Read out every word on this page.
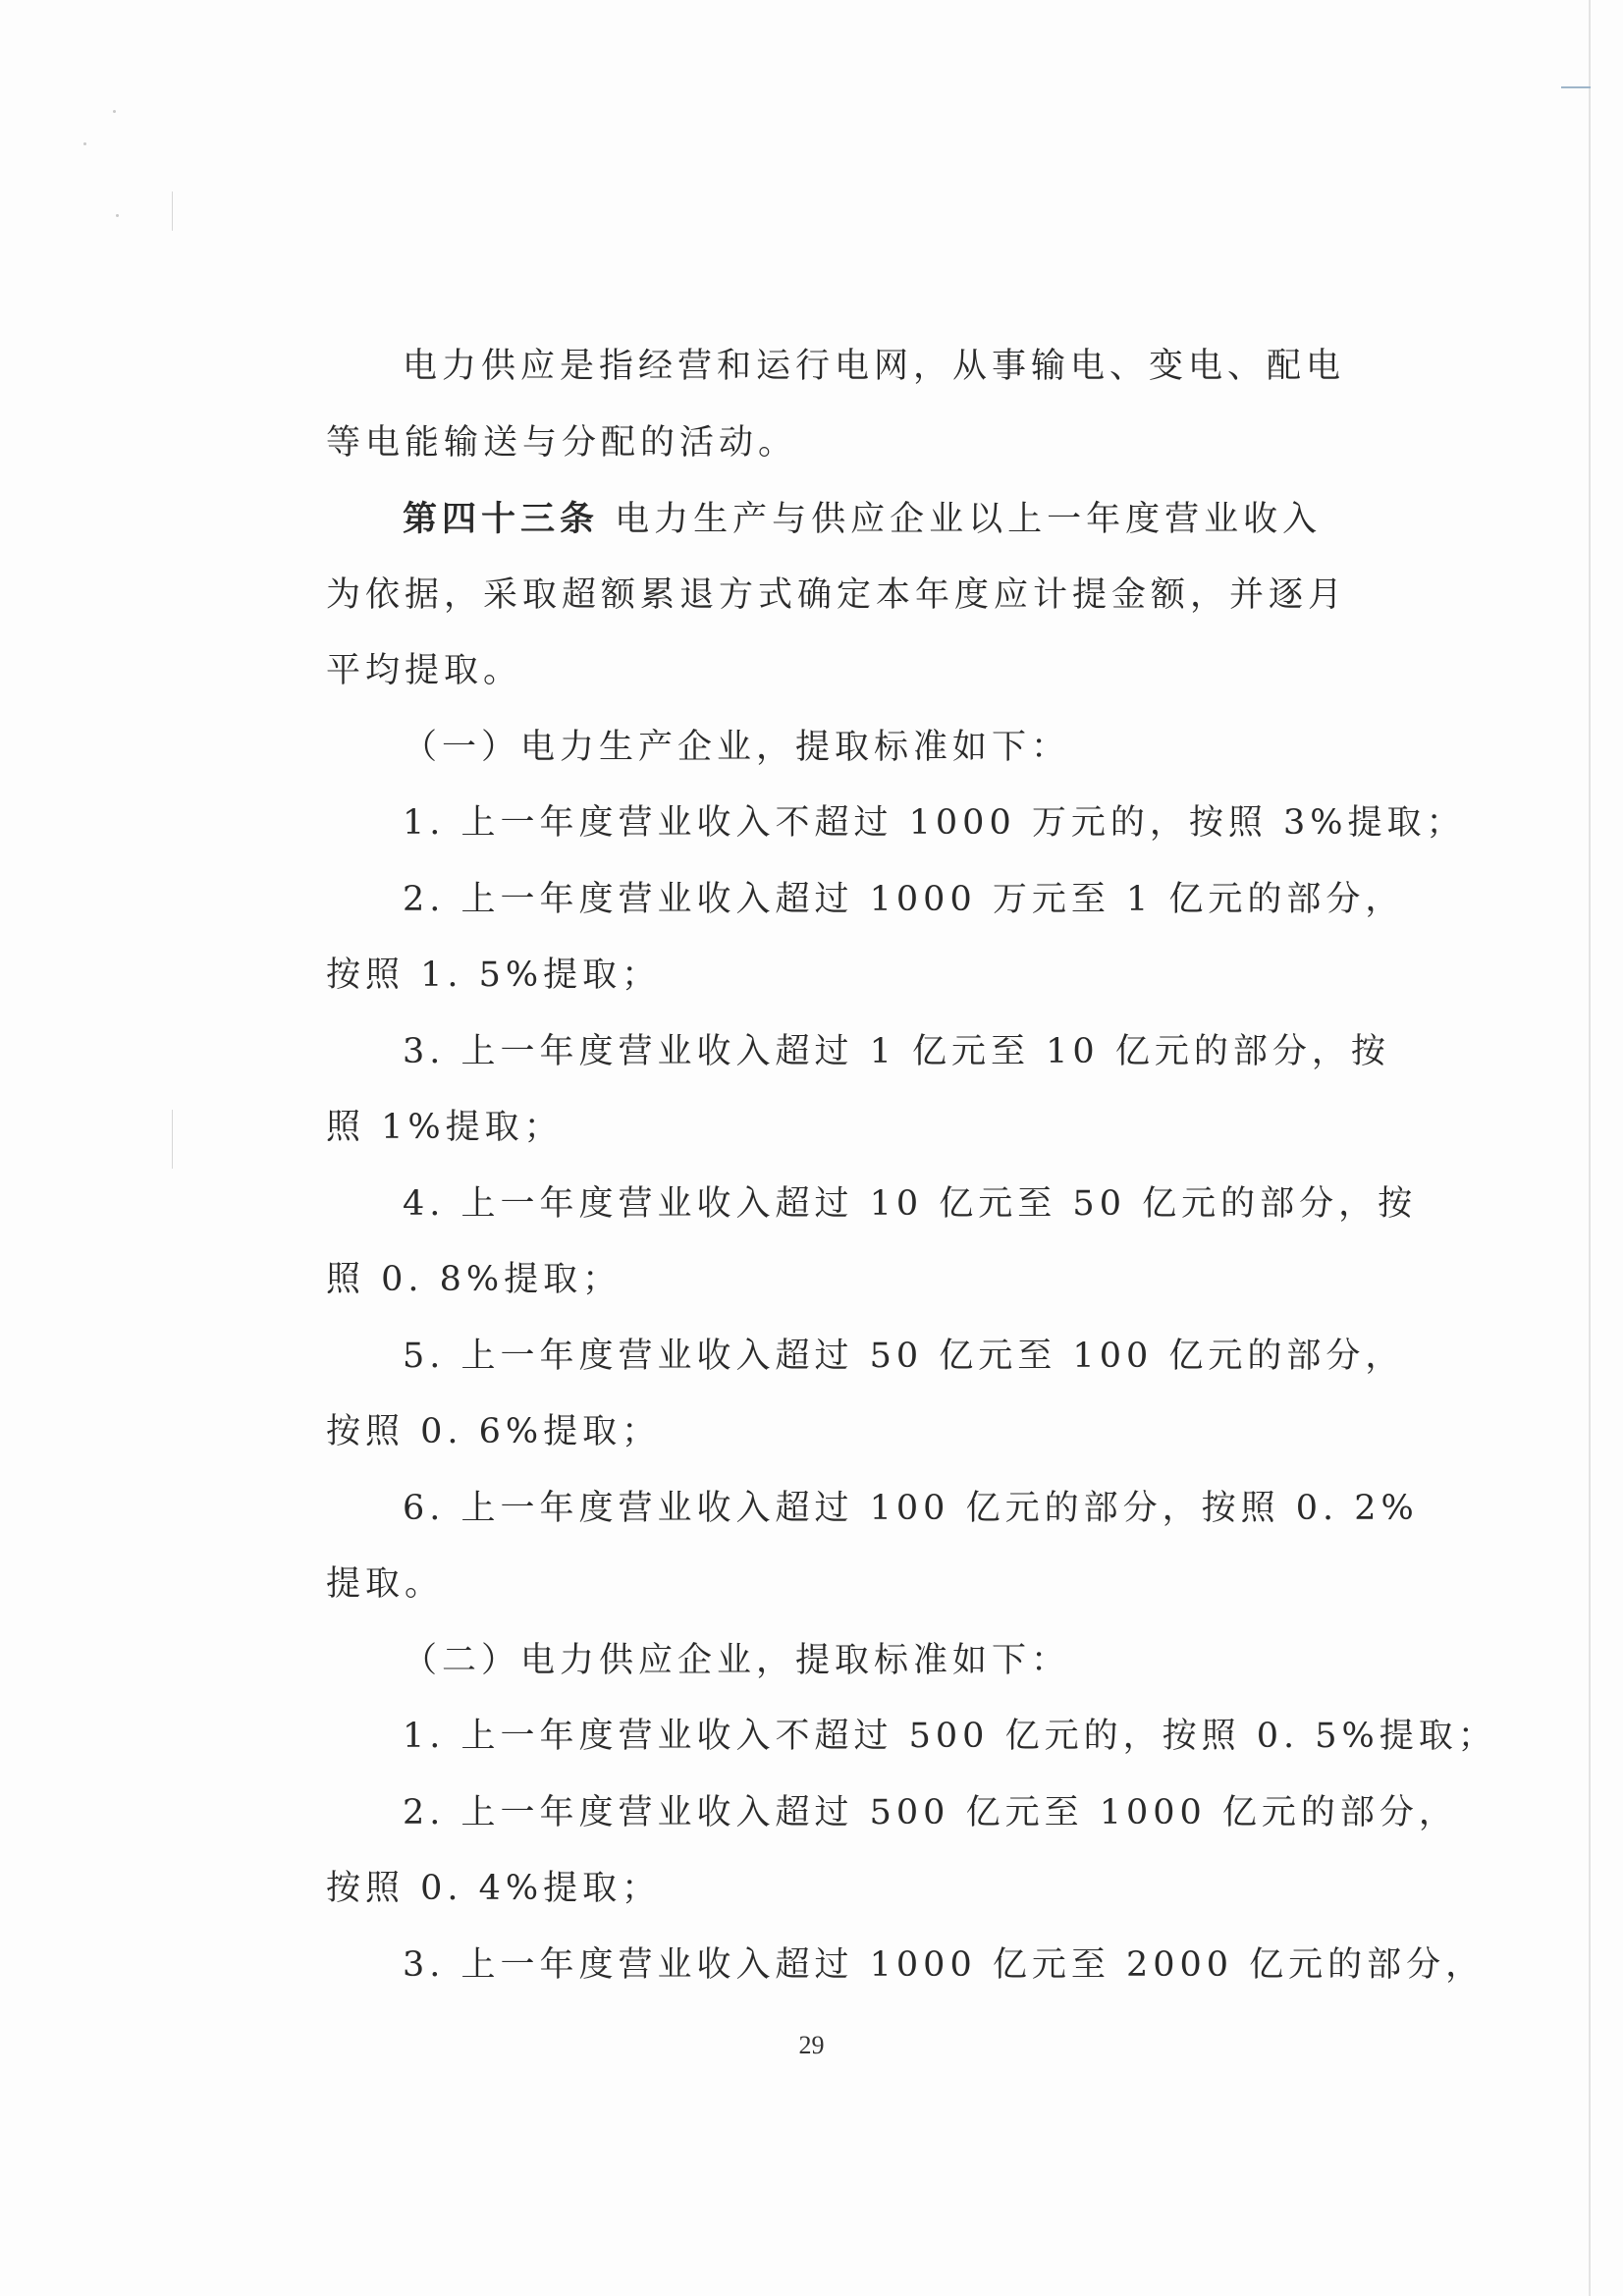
电力供应是指经营和运行电网，从事输电、变电、配电
等电能输送与分配的活动。
第四十三条 电力生产与供应企业以上一年度营业收入
为依据，采取超额累退方式确定本年度应计提金额，并逐月
平均提取。
（一）电力生产企业，提取标准如下：
1. 上一年度营业收入不超过 1000 万元的，按照 3%提取；
2. 上一年度营业收入超过 1000 万元至 1 亿元的部分，
按照 1. 5%提取；
3. 上一年度营业收入超过 1 亿元至 10 亿元的部分，按
照 1%提取；
4. 上一年度营业收入超过 10 亿元至 50 亿元的部分，按
照 0. 8%提取；
5. 上一年度营业收入超过 50 亿元至 100 亿元的部分，
按照 0. 6%提取；
6. 上一年度营业收入超过 100 亿元的部分，按照 0. 2%
提取。
（二）电力供应企业，提取标准如下：
1. 上一年度营业收入不超过 500 亿元的，按照 0. 5%提取；
2. 上一年度营业收入超过 500 亿元至 1000 亿元的部分，
按照 0. 4%提取；
3. 上一年度营业收入超过 1000 亿元至 2000 亿元的部分，
29
